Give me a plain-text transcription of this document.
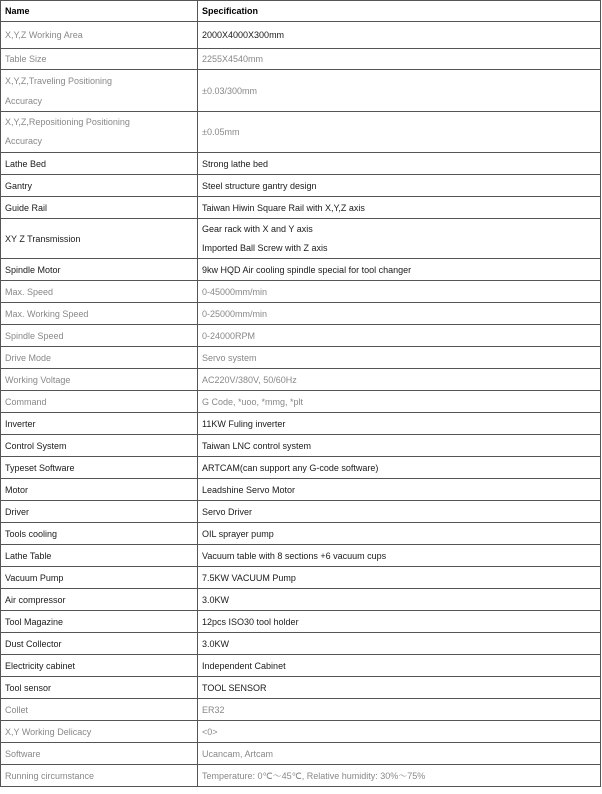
Name	Specification

X,Y,Z Working Area	2000X4000X300mm

Table Size	2255X4540mm

X,Y,Z,Traveling Positioning
Accuracy	±0.03/300mm

X,Y,Z,Repositioning Positioning
Accuracy	±0.05mm

Lathe Bed	Strong lathe bed

Gantry	Steel structure gantry design

Guide Rail	Taiwan Hiwin Square Rail with X,Y,Z axis

XY Z Transmission	Gear rack with X and Y axis
Imported Ball Screw with Z axis

Spindle Motor	9kw HQD Air cooling spindle special for tool changer

Max. Speed	0-45000mm/min

Max. Working Speed	0-25000mm/min

Spindle Speed	0-24000RPM

Drive Mode	Servo system

Working Voltage	AC220V/380V, 50/60Hz

Command	G Code, *uoo, *mmg, *plt

Inverter	11KW Fuling inverter

Control System	Taiwan LNC control system

Typeset Software	ARTCAM(can support any G-code software)

Motor	Leadshine Servo Motor

Driver	Servo Driver

Tools cooling	OIL sprayer pump

Lathe Table	Vacuum table with 8 sections +6 vacuum cups

Vacuum Pump	7.5KW VACUUM Pump

Air compressor	3.0KW

Tool Magazine	12pcs ISO30 tool holder

Dust Collector	3.0KW

Electricity cabinet	Independent Cabinet

Tool sensor	TOOL SENSOR

Collet	ER32

X,Y Working Delicacy	<0>

Software	Ucancam, Artcam

Running circumstance	Temperature: 0℃～45℃, Relative humidity: 30%～75%
